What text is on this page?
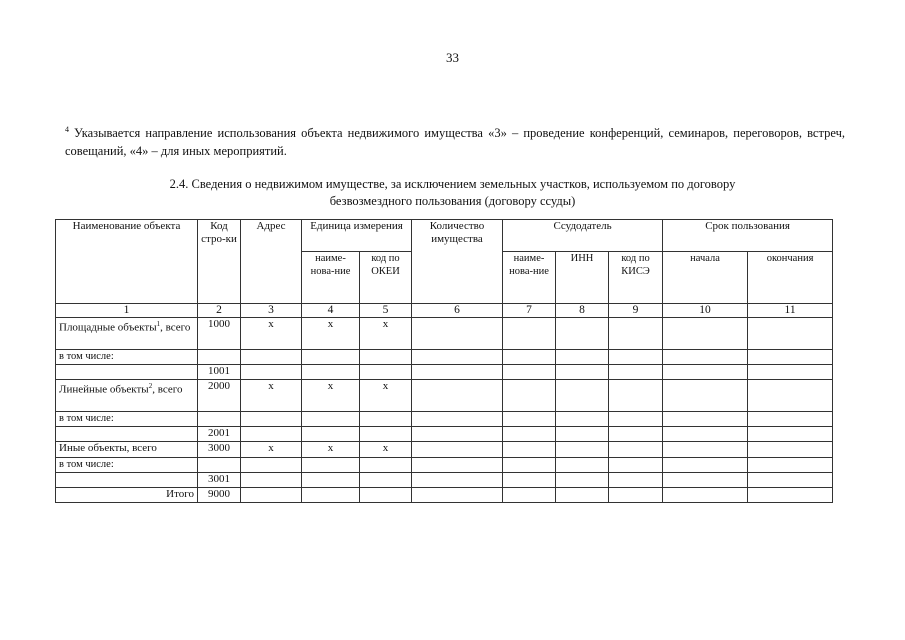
33
$^4$ Указывается направление использования объекта недвижимого имущества «3» – проведение конференций, семинаров, переговоров, встреч, совещаний, «4» – для иных мероприятий.
2.4. Сведения о недвижимом имуществе, за исключением земельных участков, используемом по договору
безвозмездного пользования (договору ссуды)
Наименование объекта	Код стро-ки	Адрес	Единица измерения		Количество имущества	Ссудодатель			Срок пользования	
			наиме-нова-ние	код по ОКЕИ		наиме-нова-ние	ИНН	код по КИСЭ	начала	окончания
1	2	3	4	5	6	7	8	9	10	11
Площадные объекты$^1$, всего	1000	x	x	x						
в том числе:										
	1001									
Линейные объекты$^2$, всего	2000	x	x	x						
в том числе:										
	2001									
Иные объекты, всего	3000	x	x	x						
в том числе:										
	3001									
Итого	9000									
